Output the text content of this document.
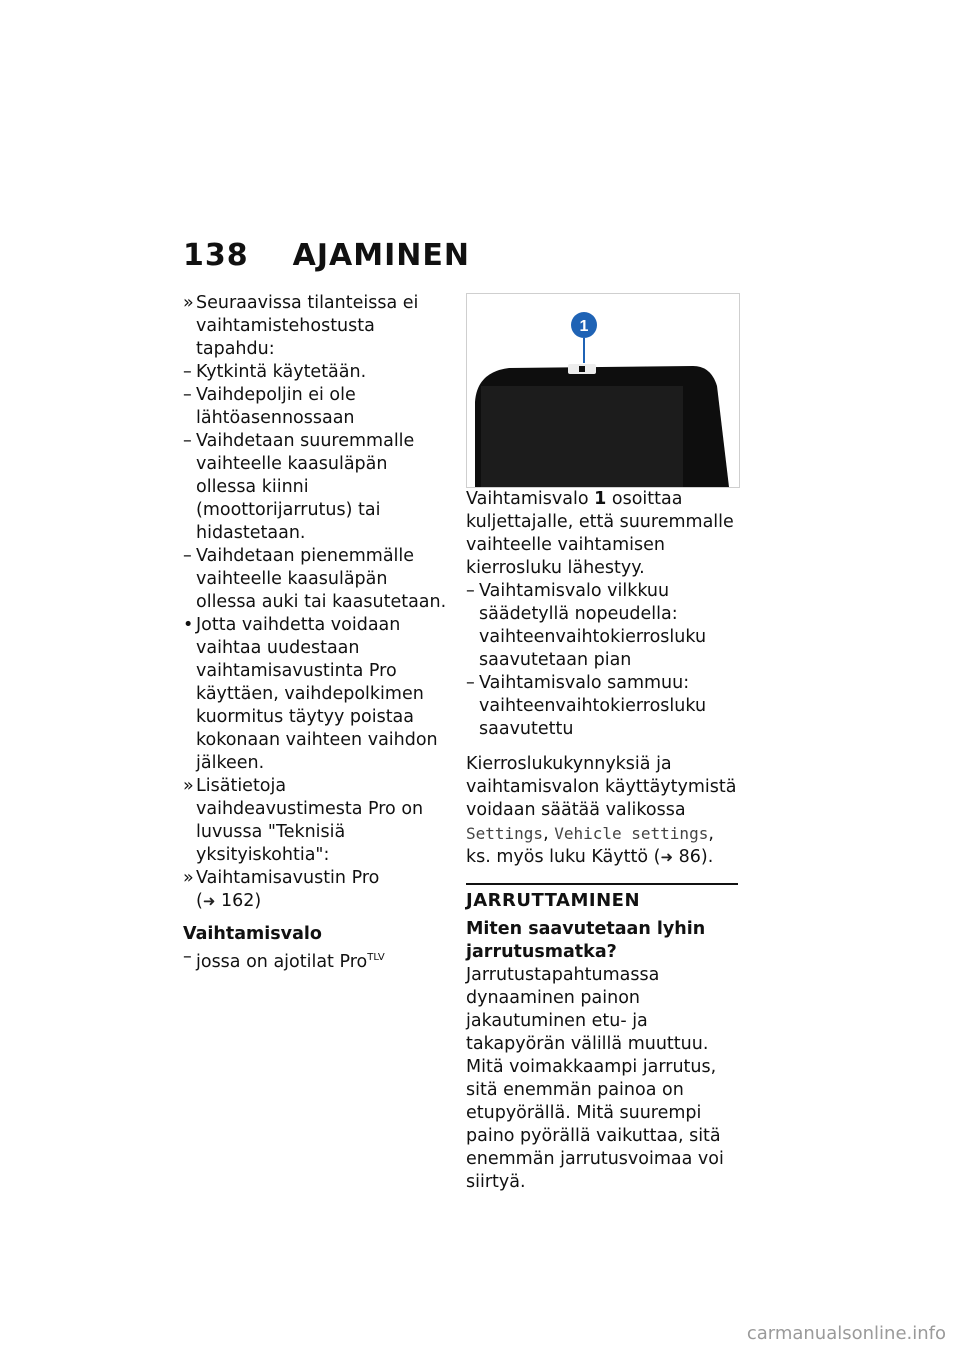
138 AJAMINEN
» Seuraavissa tilanteissa ei vaihtamistehostusta tapahdu:
– Kytkintä käytetään.
– Vaihdepoljin ei ole lähtöasennossaan
– Vaihdetaan suuremmalle vaihteelle kaasuläpän ollessa kiinni (moottorijarrutus) tai hidastetaan.
– Vaihdetaan pienemmälle vaihteelle kaasuläpän ollessa auki tai kaasutetaan.
• Jotta vaihdetta voidaan vaihtaa uudestaan vaihtamisavustinta Pro käyttäen, vaihdepolkimen kuormitus täytyy poistaa kokonaan vaihteen vaihdon jälkeen.
» Lisätietoja vaihdeavustimesta Pro on luvussa "Teknisiä yksityiskohtia":
» Vaihtamisavustin Pro (➜ 162)
Vaihtamisvalo
– jossa on ajotilat Pro$^{TLV}$
1

Vaihtamisvalo 1 osoittaa kuljettajalle, että suuremmalle vaihteelle vaihtamisen kierrosluku lähestyy.

– Vaihtamisvalo vilkkuu säädetyllä nopeudella: vaihteenvaihtokierrosluku saavutetaan pian
– Vaihtamisvalo sammuu: vaihteenvaihtokierrosluku saavutettu

Kierroslukukynnyksiä ja vaihtamisvalon käyttäytymistä voidaan säätää valikossa Settings, Vehicle settings, ks. myös luku Käyttö (➜ 86).

JARRUTTAMINEN
Miten saavutetaan lyhin jarrutusmatka?

Jarrutustapahtumassa dynaaminen painon jakautuminen etu- ja takapyörän välillä muuttuu. Mitä voimakkaampi jarrutus, sitä enemmän painoa on etupyörällä. Mitä suurempi paino pyörällä vaikuttaa, sitä enemmän jarrutusvoimaa voi siirtyä.

carmanualsonline.info
